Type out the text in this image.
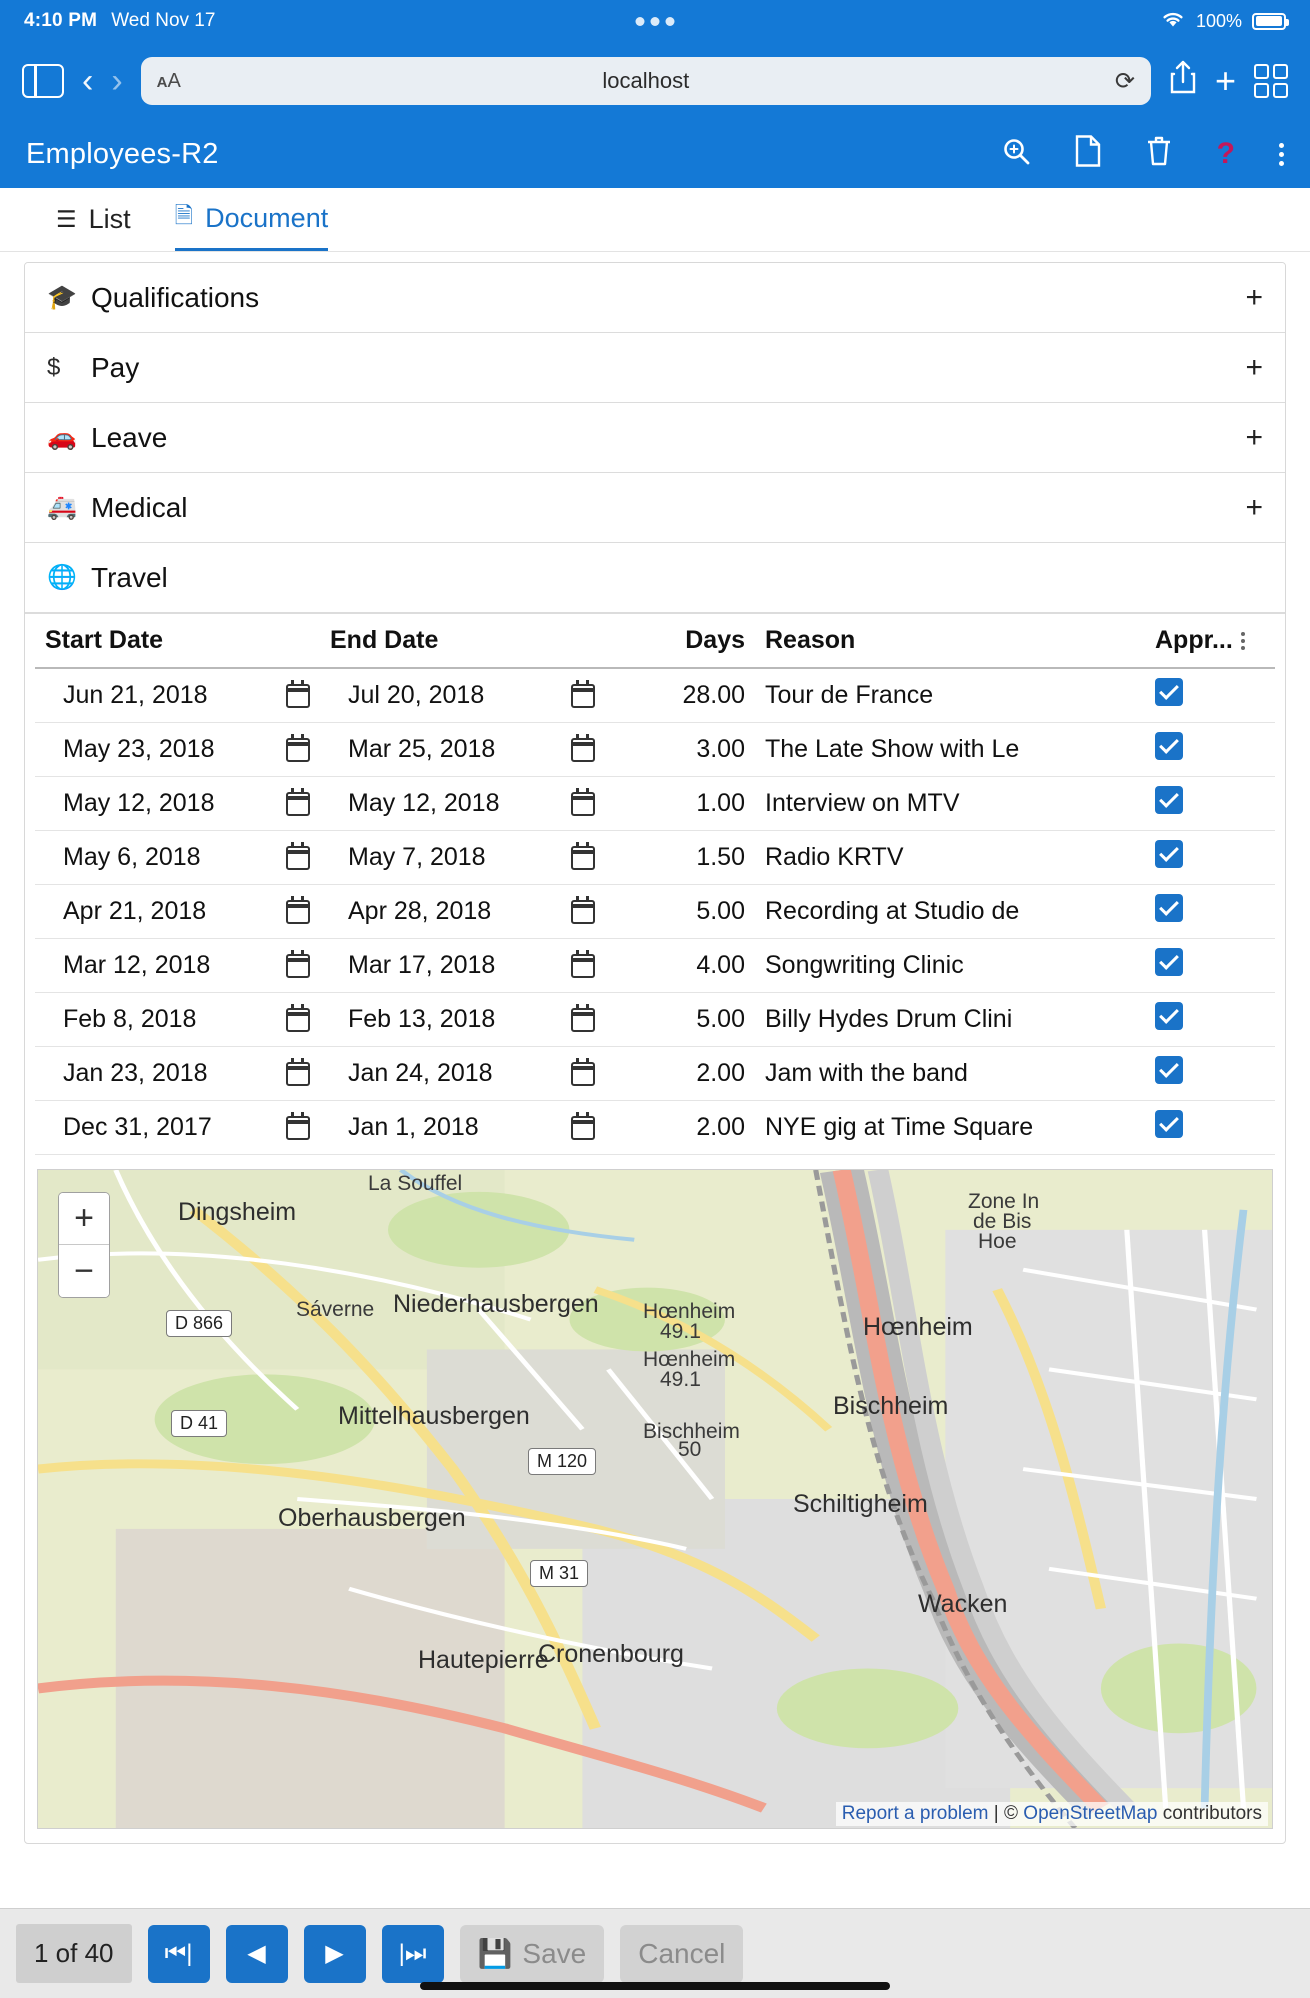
4:10 PM Wed Nov 17	100%
‹ › AA	localhost	⟳ +
Employees-R2	?
☰ List 🗎 Document
🎓 Qualifications	+
$	Pay	+
🚗 Leave	+
🚑 Medical	+
🌐 Travel
Start Date	End Date	Days	Reason	Appr...

Jun 21, 2018	Jul 20, 2018	28.00	Tour de France	

May 23, 2018	Mar 25, 2018	3.00	The Late Show with Le	

May 12, 2018	May 12, 2018	1.00	Interview on MTV	

May 6, 2018	May 7, 2018	1.50	Radio KRTV	

Apr 21, 2018	Apr 28, 2018	5.00	Recording at Studio de	

Mar 12, 2018	Mar 17, 2018	4.00	Songwriting Clinic	

Feb 8, 2018	Feb 13, 2018	5.00	Billy Hydes Drum Clini	

Jan 23, 2018	Jan 24, 2018	2.00	Jam with the band	

Dec 31, 2017	Jan 1, 2018	2.00	NYE gig at Time Square	
Dingsheim
La Souffel
Niederhausbergen
Mittelhausbergen
Oberhausbergen
Hautepierre
Cronenbourg
Schiltigheim
Bischheim
Hœnheim
Wacken
Hœnheim
49.1
Hœnheim
49.1
Bischheim
50
Sáverne
Zone In
de Bis
Hoe
D 866
D 41
M 120
M 31
+
−
Report a problem | © OpenStreetMap contributors
1 of 40	⏮|	◀	▶	|⏭	💾 Save Cancel
